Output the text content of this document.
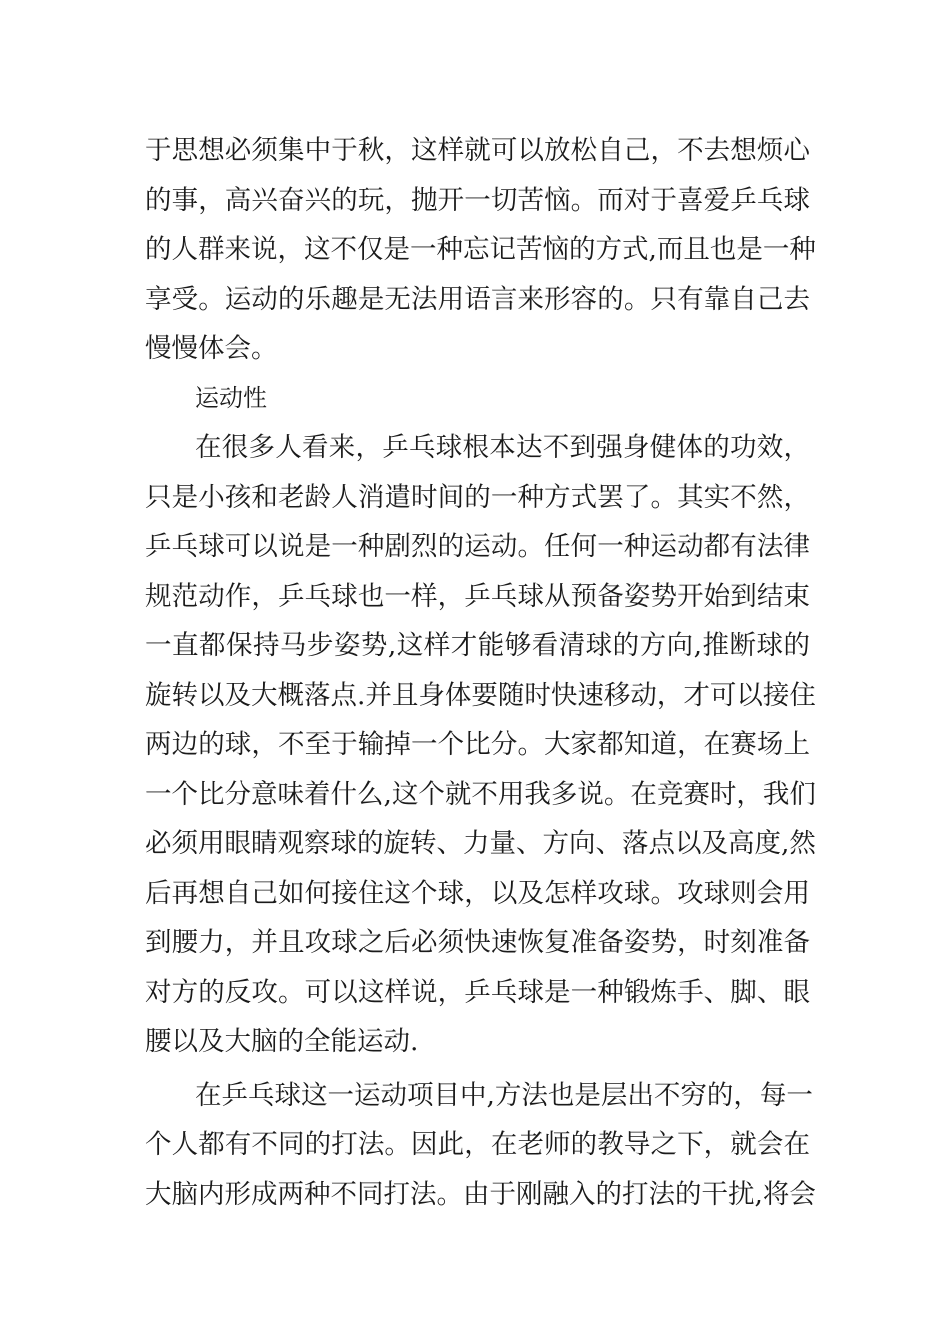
于思想必须集中于秋，这样就可以放松自己，不去想烦心
的事，高兴奋兴的玩，抛开一切苦恼。而对于喜爱乒乓球
的人群来说，这不仅是一种忘记苦恼的方式,而且也是一种
享受。运动的乐趣是无法用语言来形容的。只有靠自己去
慢慢体会。
运动性
在很多人看来，乒乓球根本达不到强身健体的功效，
只是小孩和老龄人消遣时间的一种方式罢了。其实不然，
乒乓球可以说是一种剧烈的运动。任何一种运动都有法律
规范动作，乒乓球也一样，乒乓球从预备姿势开始到结束
一直都保持马步姿势,这样才能够看清球的方向,推断球的
旋转以及大概落点.并且身体要随时快速移动，才可以接住
两边的球，不至于输掉一个比分。大家都知道，在赛场上
一个比分意味着什么,这个就不用我多说。在竞赛时，我们
必须用眼睛观察球的旋转、力量、方向、落点以及高度,然
后再想自己如何接住这个球，以及怎样攻球。攻球则会用
到腰力，并且攻球之后必须快速恢复准备姿势，时刻准备
对方的反攻。可以这样说，乒乓球是一种锻炼手、脚、眼
腰以及大脑的全能运动.
在乒乓球这一运动项目中,方法也是层出不穷的，每一
个人都有不同的打法。因此，在老师的教导之下，就会在
大脑内形成两种不同打法。由于刚融入的打法的干扰,将会
